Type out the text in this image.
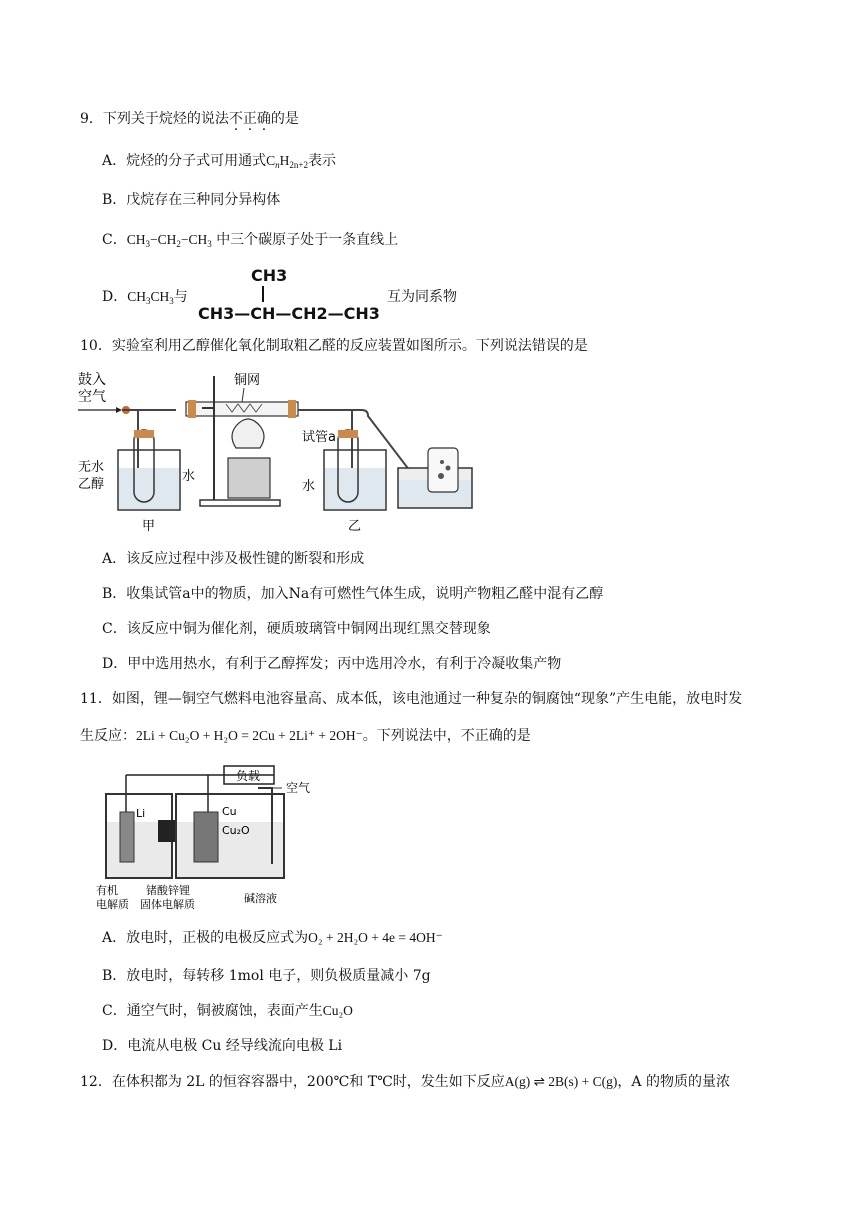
9．下列关于烷烃的说法不正确的是
A．烷烃的分子式可用通式$C_nH_{2n+2}$表示
B．戊烷存在三种同分异构体
C．$CH_3-CH_2-CH_3$ 中三个碳原子处于一条直线上
D．$CH_3CH_3$与	互为同系物
CH3
CH3—CH—CH2—CH3
10．实验室利用乙醇催化氧化制取粗乙醛的反应装置如图所示。下列说法错误的是
鼓入
空气
无水
乙醇
水
甲
铜网
试管a
水
乙
A．该反应过程中涉及极性键的断裂和形成
B．收集试管a中的物质，加入Na有可燃性气体生成，说明产物粗乙醛中混有乙醇
C．该反应中铜为催化剂，硬质玻璃管中铜网出现红黑交替现象
D．甲中选用热水，有利于乙醇挥发；丙中选用冷水，有利于冷凝收集产物
11．如图，锂—铜空气燃料电池容量高、成本低，该电池通过一种复杂的铜腐蚀“现象”产生电能，放电时发
生反应：2Li + Cu₂O + H₂O = 2Cu + 2Li⁺ + 2OH⁻。下列说法中，不正确的是
负载
Li	Cu
Cu₂O
空气
有机
电解质
锗酸锌锂
固体电解质	碱溶液
A．放电时，正极的电极反应式为O₂ + 2H₂O + 4e = 4OH⁻
B．放电时，每转移 1mol 电子，则负极质量减小 7g
C．通空气时，铜被腐蚀，表面产生Cu₂O
D．电流从电极 Cu 经导线流向电极 Li
12．在体积都为 2L 的恒容容器中，200℃和 T℃时，发生如下反应A(g) ⇌ 2B(s) + C(g)，A 的物质的量浓
